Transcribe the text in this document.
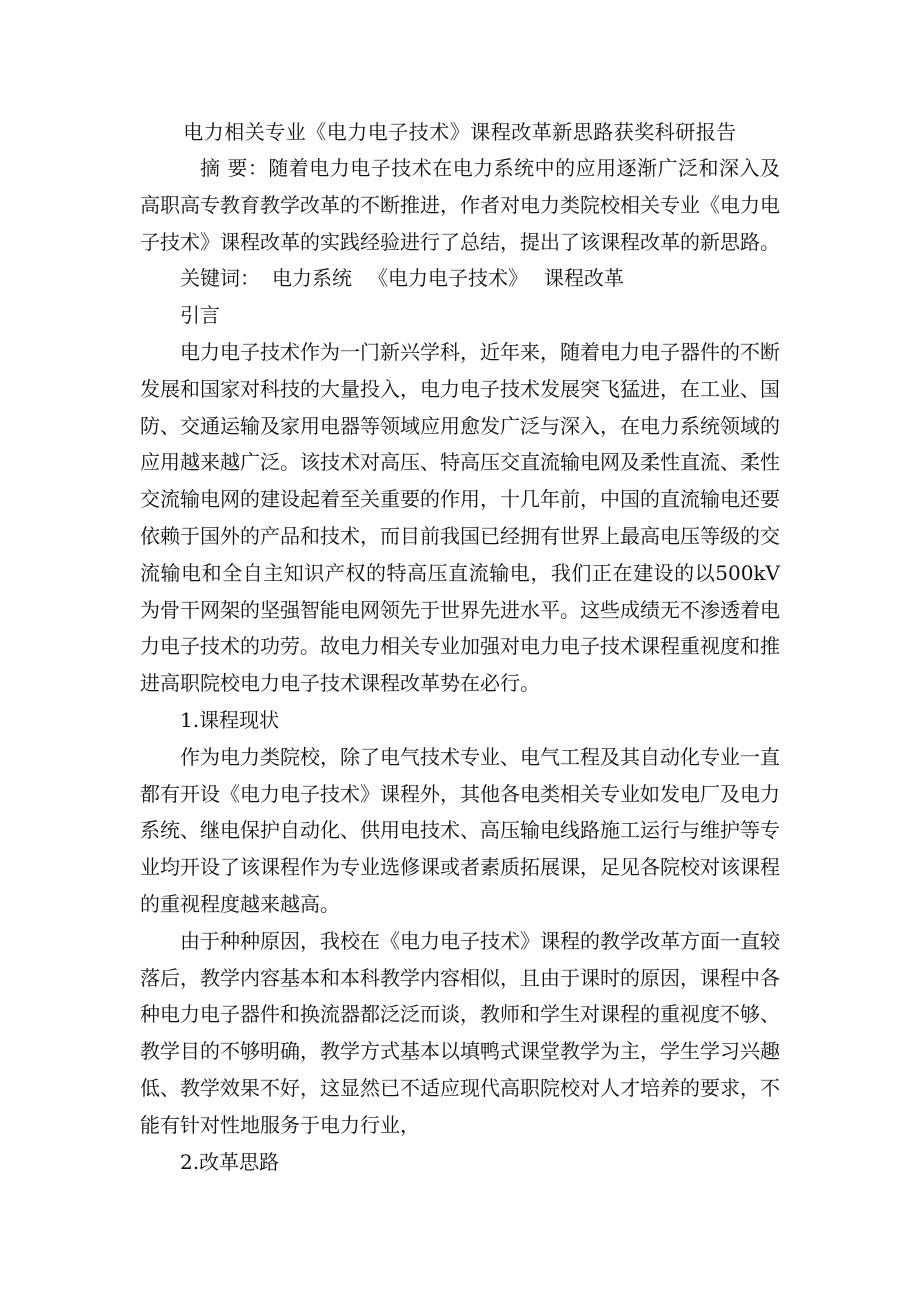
电力相关专业《电力电子技术》课程改革新思路获奖科研报告

摘 要：随着电力电子技术在电力系统中的应用逐渐广泛和深入及高职高专教育教学改革的不断推进，作者对电力类院校相关专业《电力电子技术》课程改革的实践经验进行了总结，提出了该课程改革的新思路。

关键词： 电力系统 《电力电子技术》 课程改革

引言

电力电子技术作为一门新兴学科，近年来，随着电力电子器件的不断发展和国家对科技的大量投入，电力电子技术发展突飞猛进，在工业、国防、交通运输及家用电器等领域应用愈发广泛与深入，在电力系统领域的应用越来越广泛。该技术对高压、特高压交直流输电网及柔性直流、柔性交流输电网的建设起着至关重要的作用，十几年前，中国的直流输电还要依赖于国外的产品和技术，而目前我国已经拥有世界上最高电压等级的交流输电和全自主知识产权的特高压直流输电，我们正在建设的以500kV为骨干网架的坚强智能电网领先于世界先进水平。这些成绩无不渗透着电力电子技术的功劳。故电力相关专业加强对电力电子技术课程重视度和推进高职院校电力电子技术课程改革势在必行。

1.课程现状

作为电力类院校，除了电气技术专业、电气工程及其自动化专业一直都有开设《电力电子技术》课程外，其他各电类相关专业如发电厂及电力系统、继电保护自动化、供用电技术、高压输电线路施工运行与维护等专业均开设了该课程作为专业选修课或者素质拓展课，足见各院校对该课程的重视程度越来越高。

由于种种原因，我校在《电力电子技术》课程的教学改革方面一直较落后，教学内容基本和本科教学内容相似，且由于课时的原因，课程中各种电力电子器件和换流器都泛泛而谈，教师和学生对课程的重视度不够、教学目的不够明确，教学方式基本以填鸭式课堂教学为主，学生学习兴趣低、教学效果不好，这显然已不适应现代高职院校对人才培养的要求，不能有针对性地服务于电力行业，

2.改革思路
